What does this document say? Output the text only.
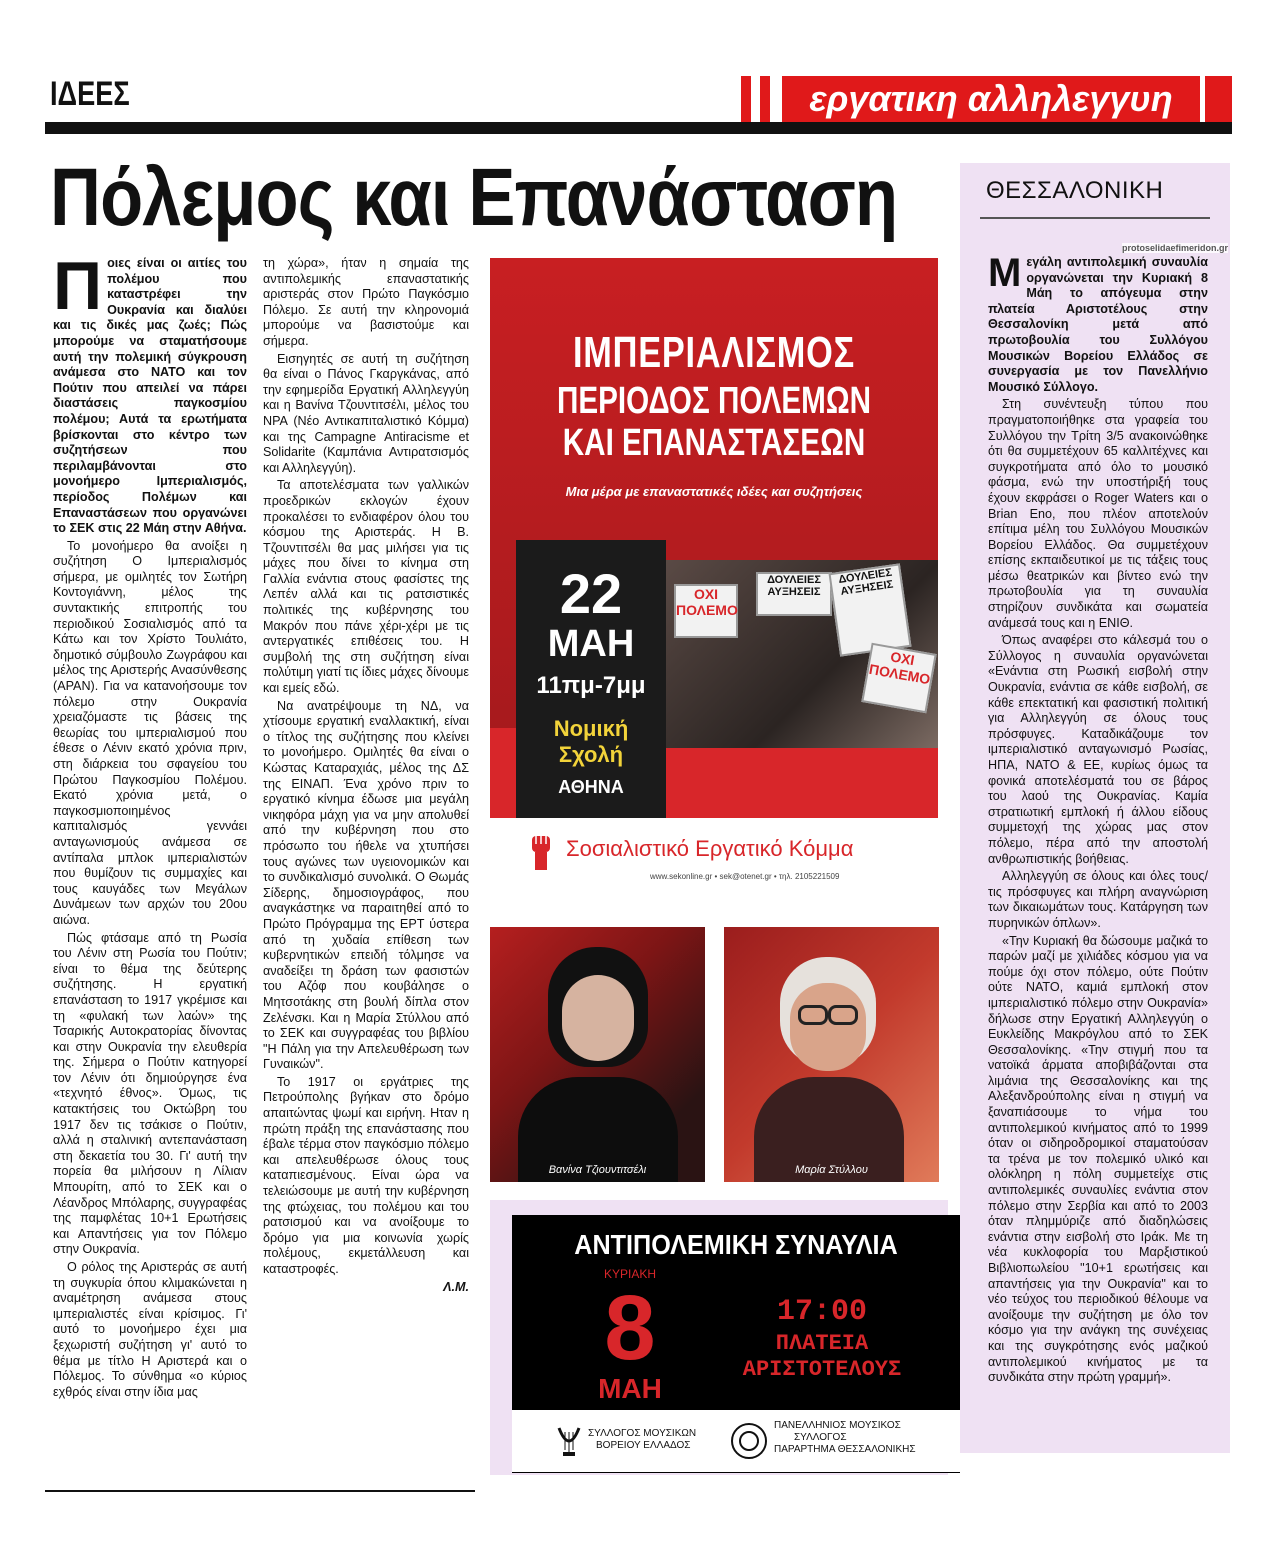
ΙΔΕΕΣ	εργατικη αλληλεγγυη
Πόλεμος και Επανάσταση

Ποιες είναι οι αιτίες του πολέμου που καταστρέφει την Ουκρανία και διαλύει και τις δικές μας ζωές; Πώς μπορούμε να σταματήσουμε αυτή την πολεμική σύγκρουση ανάμεσα στο ΝΑΤΟ και τον Πούτιν που απειλεί να πάρει διαστάσεις παγκοσμίου πολέμου; Αυτά τα ερωτήματα βρίσκονται στο κέντρο των συζητήσεων που περιλαμβάνονται στο μονοήμερο Ιμπεριαλισμός, περίοδος Πολέμων και Επαναστάσεων που οργανώνει το ΣΕΚ στις 22 Μάη στην Αθήνα.

Το μονοήμερο θα ανοίξει η συζήτηση Ο Ιμπεριαλισμός σήμερα, με ομιλητές τον Σωτήρη Κοντογιάννη, μέλος της συντακτικής επιτροπής του περιοδικού Σοσιαλισμός από τα Κάτω και τον Χρίστο Τουλιάτο, δημοτικό σύμβουλο Ζωγράφου και μέλος της Αριστερής Ανασύνθεσης (ΑΡΑΝ). Για να κατανοήσουμε τον πόλεμο στην Ουκρανία χρειαζόμαστε τις βάσεις της θεωρίας του ιμπεριαλισμού που έθεσε ο Λένιν εκατό χρόνια πριν, στη διάρκεια του σφαγείου του Πρώτου Παγκοσμίου Πολέμου. Εκατό χρόνια μετά, ο παγκοσμιοποιημένος καπιταλισμός γεννάει ανταγωνισμούς ανάμεσα σε αντίπαλα μπλοκ ιμπεριαλιστών που θυμίζουν τις συμμαχίες και τους καυγάδες των Μεγάλων Δυνάμεων των αρχών του 20ου αιώνα.

Πώς φτάσαμε από τη Ρωσία του Λένιν στη Ρωσία του Πούτιν; είναι το θέμα της δεύτερης συζήτησης. Η εργατική επανάσταση το 1917 γκρέμισε και τη «φυλακή των λαών» της Τσαρικής Αυτοκρατορίας δίνοντας και στην Ουκρανία την ελευθερία της. Σήμερα ο Πούτιν κατηγορεί τον Λένιν ότι δημιούργησε ένα «τεχνητό έθνος». Όμως, τις κατακτήσεις του Οκτώβρη του 1917 δεν τις τσάκισε ο Πούτιν, αλλά η σταλινική αντεπανάσταση στη δεκαετία του 30. Γι' αυτή την πορεία θα μιλήσουν η Λίλιαν Μπουρίτη, από το ΣΕΚ και ο Λέανδρος Μπόλαρης, συγγραφέας της παμφλέτας 10+1 Ερωτήσεις και Απαντήσεις για τον Πόλεμο στην Ουκρανία.

Ο ρόλος της Αριστεράς σε αυτή τη συγκυρία όπου κλιμακώνεται η αναμέτρηση ανάμεσα στους ιμπεριαλιστές είναι κρίσιμος. Γι' αυτό το μονοήμερο έχει μια ξεχωριστή συζήτηση γι' αυτό το θέμα με τίτλο Η Αριστερά και ο Πόλεμος. Το σύνθημα «ο κύριος εχθρός είναι στην ίδια μας

τη χώρα», ήταν η σημαία της αντιπολεμικής επαναστατικής αριστεράς στον Πρώτο Παγκόσμιο Πόλεμο. Σε αυτή την κληρονομιά μπορούμε να βασιστούμε και σήμερα.

Εισηγητές σε αυτή τη συζήτηση θα είναι ο Πάνος Γκαργκάνας, από την εφημερίδα Εργατική Αλληλεγγύη και η Βανίνα Τζουντιτσέλι, μέλος του ΝΡΑ (Νέο Αντικαπιταλιστικό Κόμμα) και της Campagne Antiracisme et Solidarite (Καμπάνια Αντιρατσισμός και Αλληλεγγύη).

Τα αποτελέσματα των γαλλικών προεδρικών εκλογών έχουν προκαλέσει το ενδιαφέρον όλου του κόσμου της Αριστεράς. Η Β. Τζουντιτσέλι θα μας μιλήσει για τις μάχες που δίνει το κίνημα στη Γαλλία ενάντια στους φασίστες της Λεπέν αλλά και τις ρατσιστικές πολιτικές της κυβέρνησης του Μακρόν που πάνε χέρι-χέρι με τις αντεργατικές επιθέσεις του. Η συμβολή της στη συζήτηση είναι πολύτιμη γιατί τις ίδιες μάχες δίνουμε και εμείς εδώ.

Να ανατρέψουμε τη ΝΔ, να χτίσουμε εργατική εναλλακτική, είναι ο τίτλος της συζήτησης που κλείνει το μονοήμερο. Ομιλητές θα είναι ο Κώστας Καταραχιάς, μέλος της ΔΣ της ΕΙΝΑΠ. Ένα χρόνο πριν το εργατικό κίνημα έδωσε μια μεγάλη νικηφόρα μάχη για να μην απολυθεί από την κυβέρνηση που στο πρόσωπο του ήθελε να χτυπήσει τους αγώνες των υγειονομικών και το συνδικαλισμό συνολικά. Ο Θωμάς Σίδερης, δημοσιογράφος, που αναγκάστηκε να παραιτηθεί από το Πρώτο Πρόγραμμα της ΕΡΤ ύστερα από τη χυδαία επίθεση των κυβερνητικών επειδή τόλμησε να αναδείξει τη δράση των φασιστών του Αζόφ που κουβάλησε ο Μητσοτάκης στη βουλή δίπλα στον Ζελένσκι. Και η Μαρία Στύλλου από το ΣΕΚ και συγγραφέας του βιβλίου "Η Πάλη για την Απελευθέρωση των Γυναικών".

Το 1917 οι εργάτριες της Πετρούπολης βγήκαν στο δρόμο απαιτώντας ψωμί και ειρήνη. Ηταν η πρώτη πράξη της επανάστασης που έβαλε τέρμα στον παγκόσμιο πόλεμο και απελευθέρωσε όλους τους καταπιεσμένους. Είναι ώρα να τελειώσουμε με αυτή την κυβέρνηση της φτώχειας, του πολέμου και του ρατσισμού και να ανοίξουμε το δρόμο για μια κοινωνία χωρίς πολέμους, εκμετάλλευση και καταστροφές.

Λ.Μ.

ΙΜΠΕΡΙΑΛΙΣΜΟΣ
ΠΕΡΙΟΔΟΣ ΠΟΛΕΜΩΝ
ΚΑΙ ΕΠΑΝΑΣΤΑΣΕΩΝ
Μια μέρα με επαναστατικές ιδέες και συζητήσεις
ΟΧΙ ΠΟΛΕΜΟ
ΔΟΥΛΕΙΕΣ ΑΥΞΗΣΕΙΣ
ΔΟΥΛΕΙΕΣ ΑΥΞΗΣΕΙΣ
ΟΧΙ ΠΟΛΕΜΟ
22
ΜΑΗ
11πμ-7μμ
Νομική
Σχολή
ΑΘΗΝΑ
Σοσιαλιστικό Εργατικό Κόμμα
www.sekonline.gr • sek@otenet.gr • τηλ. 2105221509
Βανίνα Τζιουντιτσέλι	Μαρία Στύλλου
ΑΝΤΙΠΟΛΕΜΙΚΗ ΣΥΝΑΥΛΙΑ
ΚΥΡΙΑΚΗ
8
ΜΑΗ
17:00
ΠΛΑΤΕΙΑ
ΑΡΙΣΤΟΤΕΛΟΥΣ
ΣΥΛΛΟΓΟΣ ΜΟΥΣΙΚΩΝ
ΒΟΡΕΙΟΥ ΕΛΛΑΔΟΣ
ΠΑΝΕΛΛΗΝΙΟΣ ΜΟΥΣΙΚΟΣ
ΣΥΛΛΟΓΟΣ
ΠΑΡΑΡΤΗΜΑ ΘΕΣΣΑΛΟΝΙΚΗΣ
ΘΕΣΣΑΛΟΝΙΚΗ
protoselidaefimeridon.gr

Μεγάλη αντιπολεμική συναυλία οργανώνεται την Κυριακή 8 Μάη το απόγευμα στην πλατεία Αριστοτέλους στην Θεσσαλονίκη μετά από πρωτοβουλία του Συλλόγου Μουσικών Βορείου Ελλάδος σε συνεργασία με τον Πανελλήνιο Μουσικό Σύλλογο.

Στη συνέντευξη τύπου που πραγματοποιήθηκε στα γραφεία του Συλλόγου την Τρίτη 3/5 ανακοινώθηκε ότι θα συμμετέχουν 65 καλλιτέχνες και συγκροτήματα από όλο το μουσικό φάσμα, ενώ την υποστήριξή τους έχουν εκφράσει ο Roger Waters και ο Brian Eno, που πλέον αποτελούν επίτιμα μέλη του Συλλόγου Μουσικών Βορείου Ελλάδος. Θα συμμετέχουν επίσης εκπαιδευτικοί με τις τάξεις τους μέσω θεατρικών και βίντεο ενώ την πρωτοβουλία για τη συναυλία στηρίζουν συνδικάτα και σωματεία ανάμεσά τους και η ΕΝΙΘ.

Όπως αναφέρει στο κάλεσμά του ο Σύλλογος η συναυλία οργανώνεται «Ενάντια στη Ρωσική εισβολή στην Ουκρανία, ενάντια σε κάθε εισβολή, σε κάθε επεκτατική και φασιστική πολιτική για Αλληλεγγύη σε όλους τους πρόσφυγες. Καταδικάζουμε τον ιμπεριαλιστικό ανταγωνισμό Ρωσίας, ΗΠΑ, ΝΑΤΟ & ΕΕ, κυρίως όμως τα φονικά αποτελέσματά του σε βάρος του λαού της Ουκρανίας. Καμία στρατιωτική εμπλοκή ή άλλου είδους συμμετοχή της χώρας μας στον πόλεμο, πέρα από την αποστολή ανθρωπιστικής βοήθειας.

Αλληλεγγύη σε όλους και όλες τους/τις πρόσφυγες και πλήρη αναγνώριση των δικαιωμάτων τους. Κατάργηση των πυρηνικών όπλων».

«Την Κυριακή θα δώσουμε μαζικά το παρών μαζί με χιλιάδες κόσμου για να πούμε όχι στον πόλεμο, ούτε Πούτιν ούτε ΝΑΤΟ, καμιά εμπλοκή στον ιμπεριαλιστικό πόλεμο στην Ουκρανία» δήλωσε στην Εργατική Αλληλεγγύη ο Ευκλείδης Μακρόγλου από το ΣΕΚ Θεσσαλονίκης. «Την στιγμή που τα νατοϊκά άρματα αποβιβάζονται στα λιμάνια της Θεσσαλονίκης και της Αλεξανδρούπολης είναι η στιγμή να ξαναπιάσουμε το νήμα του αντιπολεμικού κινήματος από το 1999 όταν οι σιδηροδρομικοί σταματούσαν τα τρένα με τον πολεμικό υλικό και ολόκληρη η πόλη συμμετείχε στις αντιπολεμικές συναυλίες ενάντια στον πόλεμο στην Σερβία και από το 2003 όταν πλημμύριζε από διαδηλώσεις ενάντια στην εισβολή στο Ιράκ. Με τη νέα κυκλοφορία του Μαρξιστικού Βιβλιοπωλείου "10+1 ερωτήσεις και απαντήσεις για την Ουκρανία" και το νέο τεύχος του περιοδικού θέλουμε να ανοίξουμε την συζήτηση με όλο τον κόσμο για την ανάγκη της συνέχειας και της συγκρότησης ενός μαζικού αντιπολεμικού κινήματος με τα συνδικάτα στην πρώτη γραμμή».
